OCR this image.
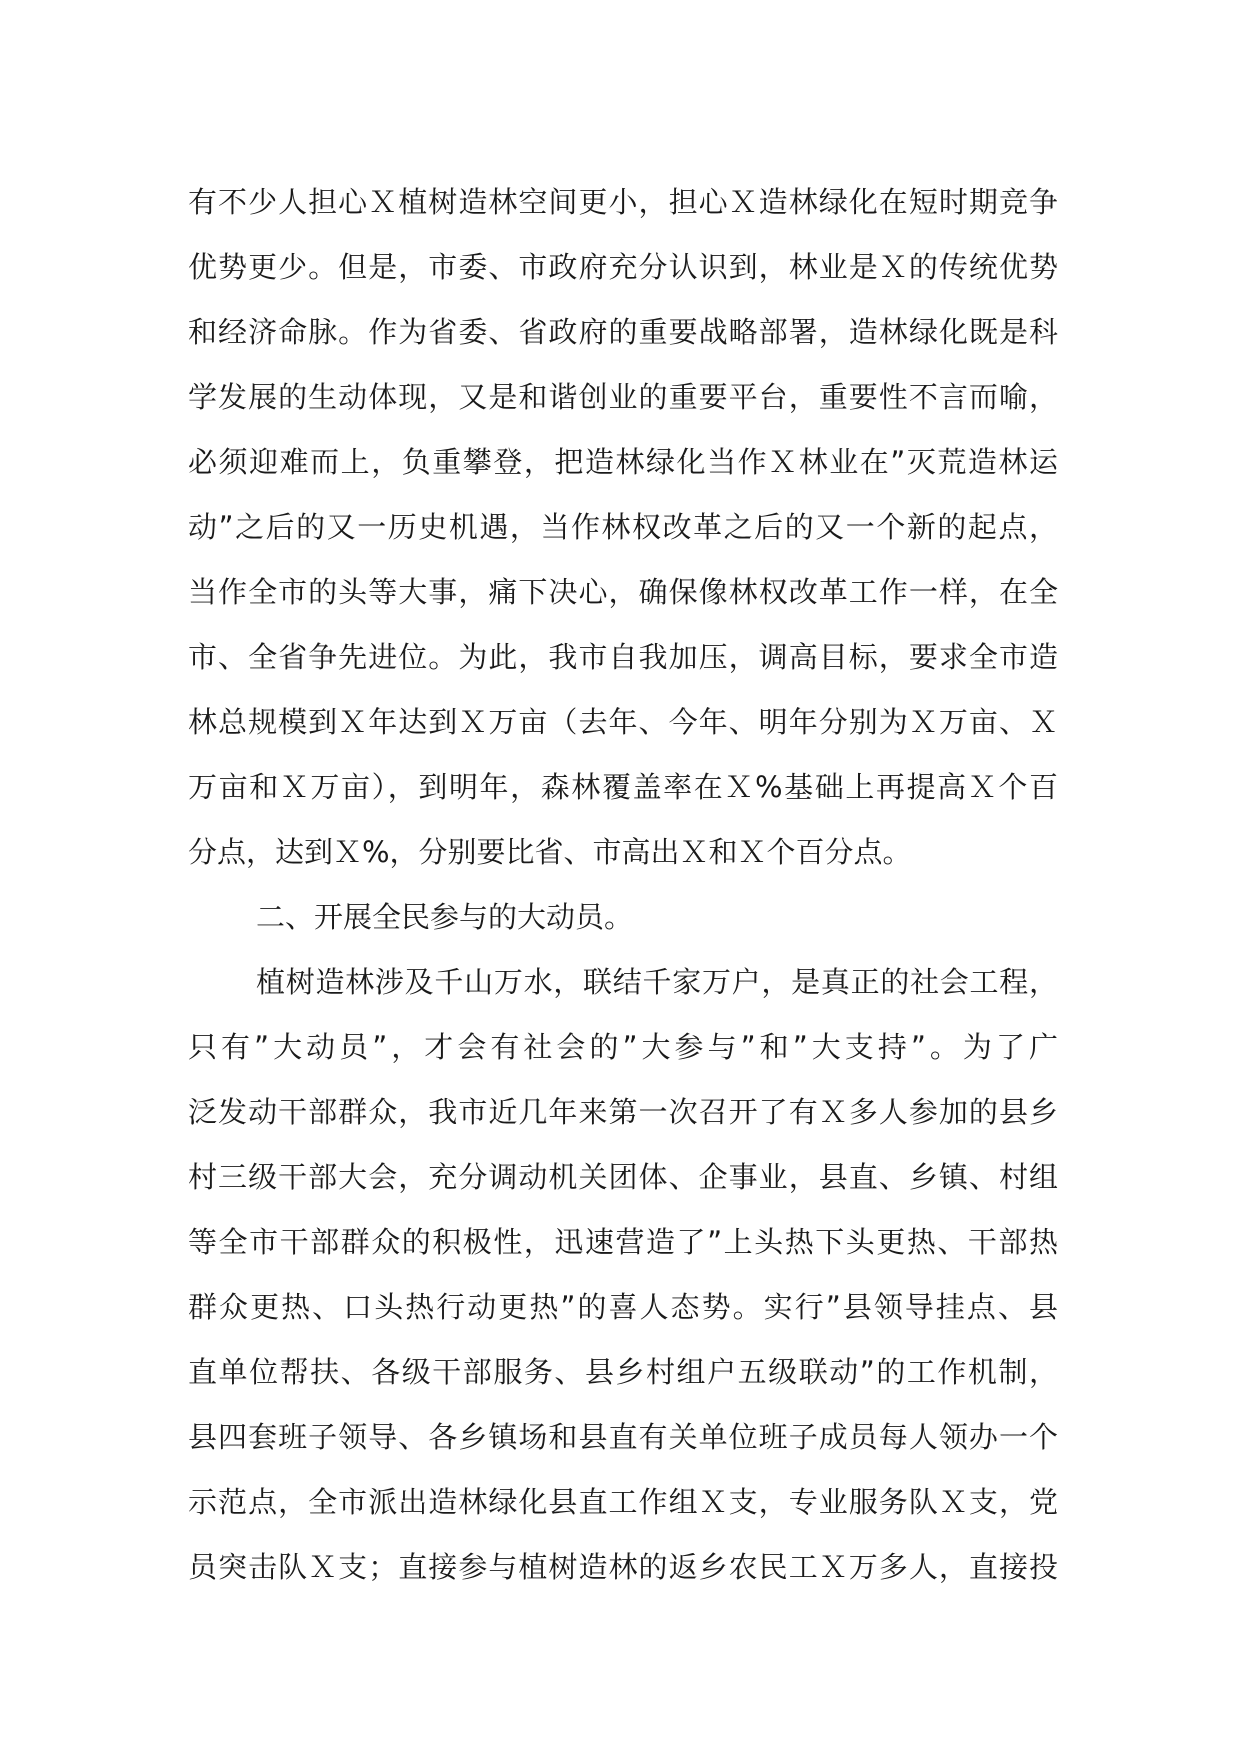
有不少人担心Ｘ植树造林空间更小，担心Ｘ造林绿化在短时期竞争
优势更少。但是，市委、市政府充分认识到，林业是Ｘ的传统优势
和经济命脉。作为省委、省政府的重要战略部署，造林绿化既是科
学发展的生动体现，又是和谐创业的重要平台，重要性不言而喻，
必须迎难而上，负重攀登，把造林绿化当作Ｘ林业在”灭荒造林运
动”之后的又一历史机遇，当作林权改革之后的又一个新的起点，
当作全市的头等大事，痛下决心，确保像林权改革工作一样，在全
市、全省争先进位。为此，我市自我加压，调高目标，要求全市造
林总规模到Ｘ年达到Ｘ万亩（去年、今年、明年分别为Ｘ万亩、Ｘ
万亩和Ｘ万亩），到明年，森林覆盖率在Ｘ%基础上再提高Ｘ个百
分点，达到Ｘ%，分别要比省、市高出Ｘ和Ｘ个百分点。
二、开展全民参与的大动员。
植树造林涉及千山万水，联结千家万户，是真正的社会工程，
只有”大动员”，才会有社会的”大参与”和”大支持”。为了广
泛发动干部群众，我市近几年来第一次召开了有Ｘ多人参加的县乡
村三级干部大会，充分调动机关团体、企事业，县直、乡镇、村组
等全市干部群众的积极性，迅速营造了”上头热下头更热、干部热
群众更热、口头热行动更热”的喜人态势。实行”县领导挂点、县
直单位帮扶、各级干部服务、县乡村组户五级联动”的工作机制，
县四套班子领导、各乡镇场和县直有关单位班子成员每人领办一个
示范点，全市派出造林绿化县直工作组Ｘ支，专业服务队Ｘ支，党
员突击队Ｘ支；直接参与植树造林的返乡农民工Ｘ万多人，直接投
